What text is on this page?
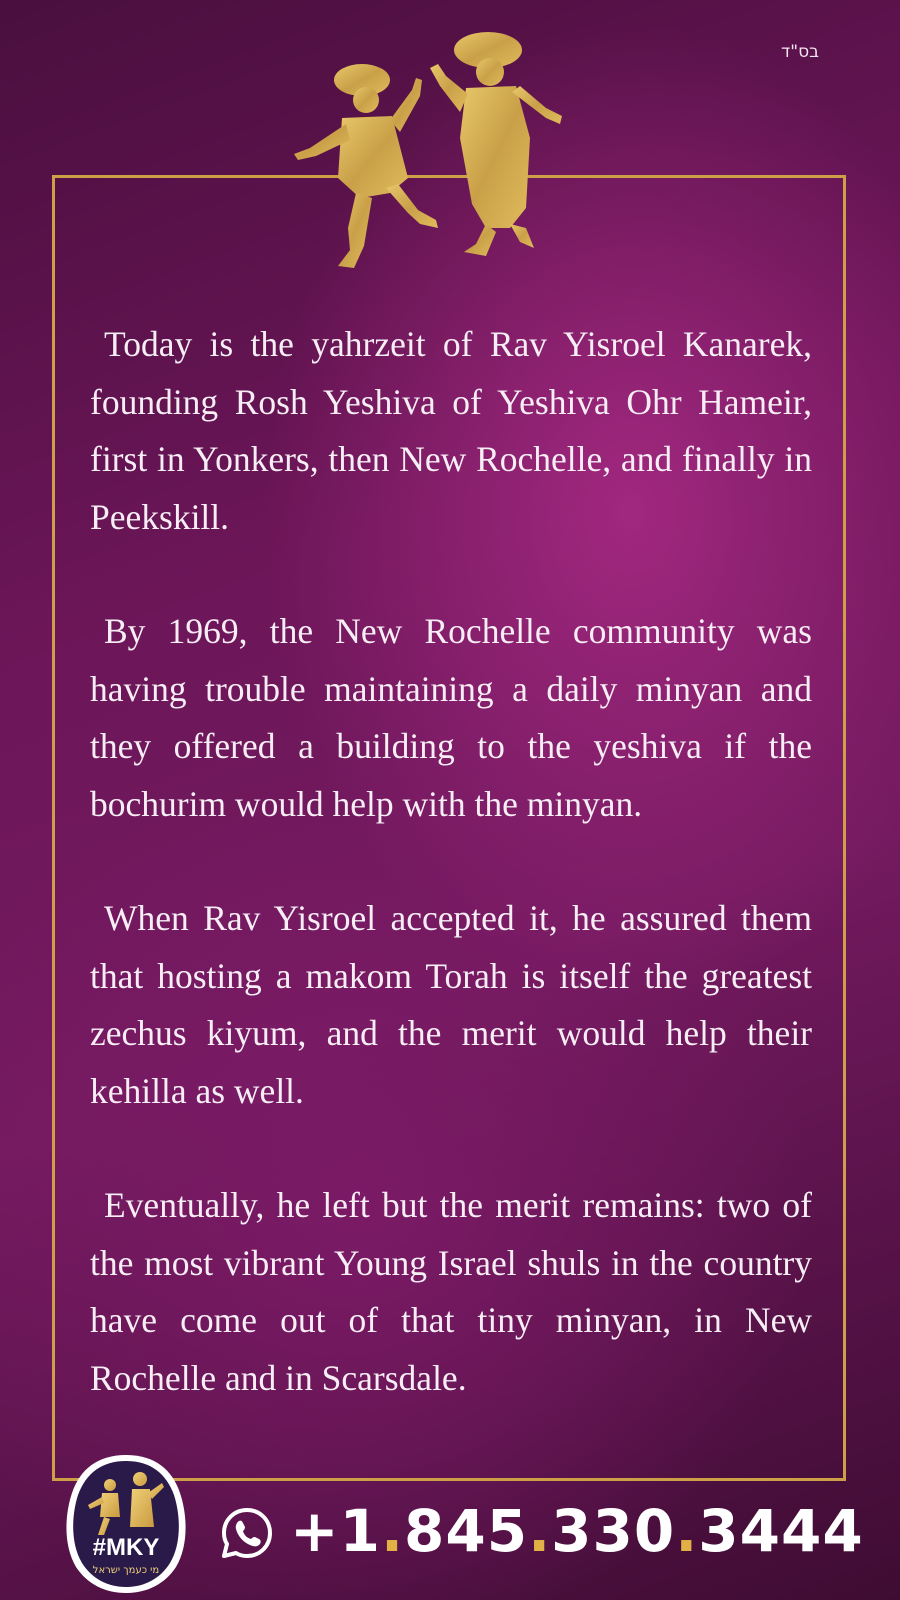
בס"ד

Today is the yahrzeit of Rav Yisroel Kanarek, founding Rosh Yeshiva of Yeshiva Ohr Hameir, first in Yonkers, then New Rochelle, and finally in Peekskill.

By 1969, the New Rochelle community was having trouble maintaining a daily minyan and they offered a building to the yeshiva if the bochurim would help with the minyan.

When Rav Yisroel accepted it, he assured them that hosting a makom Torah is itself the greatest zechus kiyum, and the merit would help their kehilla as well.

Eventually, he left but the merit remains: two of the most vibrant Young Israel shuls in the country have come out of that tiny minyan, in New Rochelle and in Scarsdale.

#MKY
מי כעמך ישראל
+1.845.330.3444
